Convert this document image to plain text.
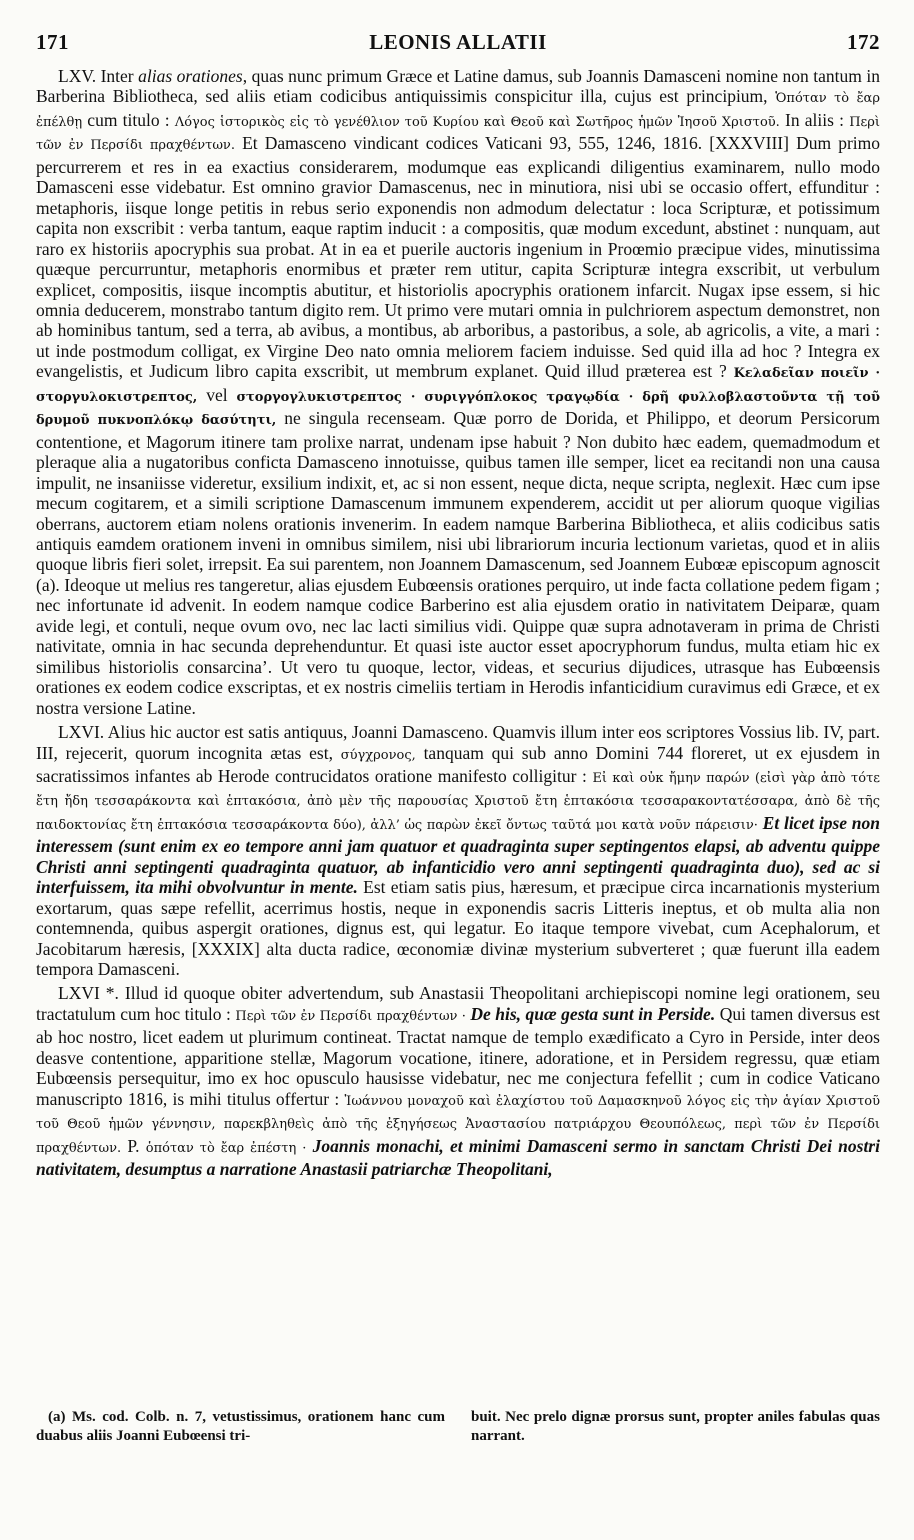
171	LEONIS ALLATII	172

LXV. Inter alias orationes, quas nunc primum Græce et Latine damus, sub Joannis Damasceni nomine non tantum in Barberina Bibliotheca, sed aliis etiam codicibus antiquissimis conspicitur illa, cujus est principium, Ὁπόταν τὸ ἔαρ ἐπέλθῃ cum titulo : Λόγος ἱστορικὸς εἰς τὸ γενέθλιον τοῦ Κυρίου καὶ Θεοῦ καὶ Σωτῆρος ἡμῶν Ἰησοῦ Χριστοῦ. In aliis : Περὶ τῶν ἐν Περσίδι πραχθέντων. Et Damasceno vindicant codices Vaticani 93, 555, 1246, 1816. [XXXVIII] Dum primo percurrerem et res in ea exactius considerarem, modumque eas explicandi diligentius examinarem, nullo modo Damasceni esse videbatur. Est omnino gravior Damascenus, nec in minutiora, nisi ubi se occasio offert, effunditur : metaphoris, iisque longe petitis in rebus serio exponendis non admodum delectatur : loca Scripturæ, et potissimum capita non exscribit : verba tantum, eaque raptim inducit : a compositis, quæ modum excedunt, abstinet : nunquam, aut raro ex historiis apocryphis sua probat. At in ea et puerile auctoris ingenium in Proœmio præcipue vides, minutissima quæque percurruntur, metaphoris enormibus et præter rem utitur, capita Scripturæ integra exscribit, ut verbulum explicet, compositis, iisque incomptis abutitur, et historiolis apocryphis orationem infarcit. Nugax ipse essem, si hic omnia deducerem, monstrabo tantum digito rem. Ut primo vere mutari omnia in pulchriorem aspectum demonstret, non ab hominibus tantum, sed a terra, ab avibus, a montibus, ab arboribus, a pastoribus, a sole, ab agricolis, a vite, a mari : ut inde postmodum colligat, ex Virgine Deo nato omnia meliorem faciem induisse. Sed quid illa ad hoc ? Integra ex evangelistis, et Judicum libro capita exscribit, ut membrum explanet. Quid illud præterea est ? Κελαδεῖαν ποιεῖν · στοργυλοκιστρεπτος, vel στοργογλυκιστρεπτος · συριγγόπλοκος τραγῳδία · δρῆ φυλλοβλαστοῦντα τῇ τοῦ δρυμοῦ πυκνοπλόκῳ δασύτητι, ne singula recenseam. Quæ porro de Dorida, et Philippo, et deorum Persicorum contentione, et Magorum itinere tam prolixe narrat, undenam ipse habuit ? Non dubito hæc eadem, quemadmodum et pleraque alia a nugatoribus conficta Damasceno innotuisse, quibus tamen ille semper, licet ea recitandi non una causa impulit, ne insaniisse videretur, exsilium indixit, et, ac si non essent, neque dicta, neque scripta, neglexit. Hæc cum ipse mecum cogitarem, et a simili scriptione Damascenum immunem expenderem, accidit ut per aliorum quoque vigilias oberrans, auctorem etiam nolens orationis invenerim. In eadem namque Barberina Bibliotheca, et aliis codicibus satis antiquis eamdem orationem inveni in omnibus similem, nisi ubi librariorum incuria lectionum varietas, quod et in aliis quoque libris fieri solet, irrepsit. Ea sui parentem, non Joannem Damascenum, sed Joannem Eubœæ episcopum agnoscit (a). Ideoque ut melius res tangeretur, alias ejusdem Eubœensis orationes perquiro, ut inde facta collatione pedem figam ; nec infortunate id advenit. In eodem namque codice Barberino est alia ejusdem oratio in nativitatem Deiparæ, quam avide legi, et contuli, neque ovum ovo, nec lac lacti similius vidi. Quippe quæ supra adnotaveram in prima de Christi nativitate, omnia in hac secunda deprehenduntur. Et quasi iste auctor esset apocryphorum fundus, multa etiam hic ex similibus historiolis consarcina’. Ut vero tu quoque, lector, videas, et securius dijudices, utrasque has Eubœensis orationes ex eodem codice exscriptas, et ex nostris cimeliis tertiam in Herodis infanticidium curavimus edi Græce, et ex nostra versione Latine.

LXVI. Alius hic auctor est satis antiquus, Joanni Damasceno. Quamvis illum inter eos scriptores Vossius lib. IV, part. III, rejecerit, quorum incognita ætas est, σύγχρονος, tanquam qui sub anno Domini 744 floreret, ut ex ejusdem in sacratissimos infantes ab Herode contrucidatos oratione manifesto colligitur : Εἰ καὶ οὐκ ἤμην παρών (εἰσὶ γὰρ ἀπὸ τότε ἔτη ἤδη τεσσαράκοντα καὶ ἑπτακόσια, ἀπὸ μὲν τῆς παρουσίας Χριστοῦ ἔτη ἑπτακόσια τεσσαρακοντατέσσαρα, ἀπὸ δὲ τῆς παιδοκτονίας ἔτη ἑπτακόσια τεσσαράκοντα δύο), ἀλλ’ ὡς παρὼν ἐκεῖ ὄντως ταῦτά μοι κατὰ νοῦν πάρεισιν· Et licet ipse non interessem (sunt enim ex eo tempore anni jam quatuor et quadraginta super septingentos elapsi, ab adventu quippe Christi anni septingenti quadraginta quatuor, ab infanticidio vero anni septingenti quadraginta duo), sed ac si interfuissem, ita mihi obvolvuntur in mente. Est etiam satis pius, hæresum, et præcipue circa incarnationis mysterium exortarum, quas sæpe refellit, acerrimus hostis, neque in exponendis sacris Litteris ineptus, et ob multa alia non contemnenda, quibus aspergit orationes, dignus est, qui legatur. Eo itaque tempore vivebat, cum Acephalorum, et Jacobitarum hæresis, [XXXIX] alta ducta radice, œconomiæ divinæ mysterium subverteret ; quæ fuerunt illa eadem tempora Damasceni.

LXVI *. Illud id quoque obiter advertendum, sub Anastasii Theopolitani archiepiscopi nomine legi orationem, seu tractatulum cum hoc titulo : Περὶ τῶν ἐν Περσίδι πραχθέντων · De his, quæ gesta sunt in Perside. Qui tamen diversus est ab hoc nostro, licet eadem ut plurimum contineat. Tractat namque de templo exædificato a Cyro in Perside, inter deos deasve contentione, apparitione stellæ, Magorum vocatione, itinere, adoratione, et in Persidem regressu, quæ etiam Eubœensis persequitur, imo ex hoc opusculo hausisse videbatur, nec me conjectura fefellit ; cum in codice Vaticano manuscripto 1816, is mihi titulus offertur : Ἰωάννου μοναχοῦ καὶ ἐλαχίστου τοῦ Δαμασκηνοῦ λόγος εἰς τὴν ἁγίαν Χριστοῦ τοῦ Θεοῦ ἡμῶν γέννησιν, παρεκβληθεὶς ἀπὸ τῆς ἐξηγήσεως Ἀναστασίου πατριάρχου Θεουπόλεως, περὶ τῶν ἐν Περσίδι πραχθέντων. P. ὁπόταν τὸ ἔαρ ἐπέστη · Joannis monachi, et minimi Damasceni sermo in sanctam Christi Dei nostri nativitatem, desumptus a narratione Anastasii patriarchæ Theopolitani,

(a) Ms. cod. Colb. n. 7, vetustissimus, orationem hanc cum duabus aliis Joanni Eubœensi tri-
buit. Nec prelo dignæ prorsus sunt, propter aniles fabulas quas narrant.
